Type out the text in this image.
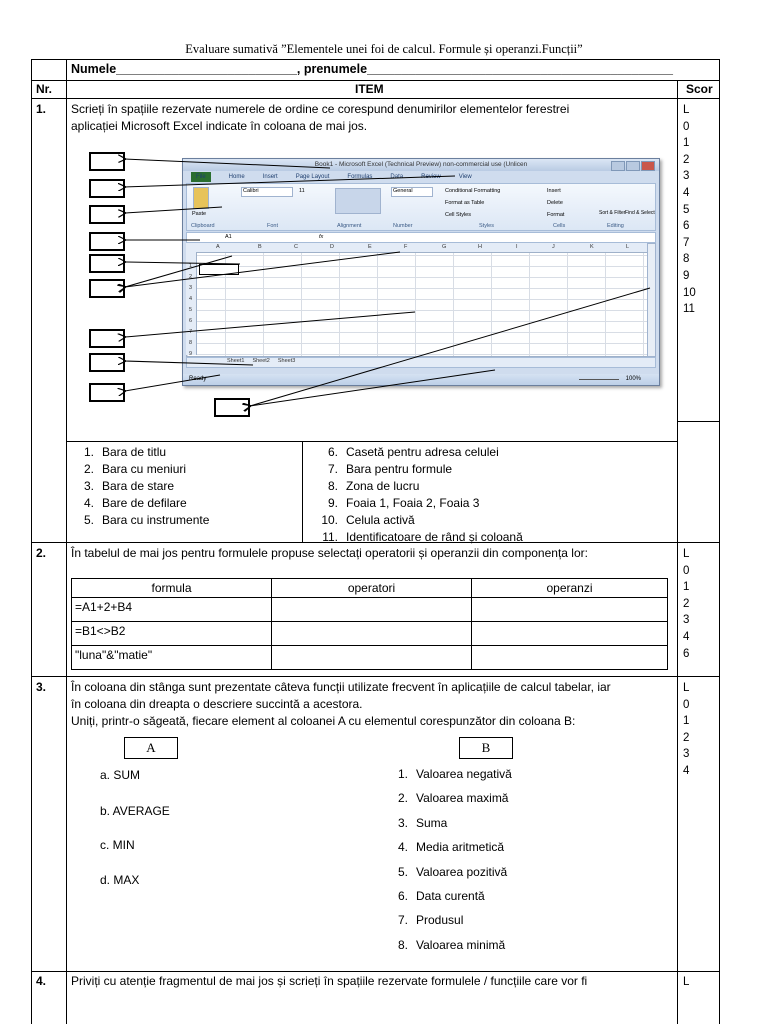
Evaluare sumativă ”Elementele unei foi de calcul. Formule și operanzi.Funcții”
Numele__________________________, prenumele____________________________________________
Nr.	ITEM	Scor
1. Scrieți în spațiile rezervate numerele de ordine ce corespund denumirilor elementelor ferestrei
aplicației Microsoft Excel indicate în coloana de mai jos.
L
0
1
2
3
4
5
6
7
8
9
10
11
Book1 - Microsoft Excel (Technical Preview) non-commercial use (Unlicen
File	Home	Insert	Page Layout	Formulas	Data	Review	View
Paste
Calibri	11	General	Conditional Formatting
Format as Table
Cell Styles
Insert
Delete
Format	Sort & Filter Find & Select
Clipboard	Font	Alignment	Number	Styles	Cells	Editing
A1	fx
A	B	C	D	E	F	G	H	I	J	K	L
1
2
3
4
5
6
7
8
9
Sheet1 Sheet2 Sheet3
Ready	100%
1. Bara de titlu
2. Bara cu meniuri
3. Bara de stare
4. Bare de defilare
5. Bara cu instrumente
6. Casetă pentru adresa celulei
7. Bara pentru formule
8. Zona de lucru
9. Foaia 1, Foaia 2, Foaia 3
10. Celula activă
11. Identificatoare de rând și coloană
2. În tabelul de mai jos pentru formulele propuse selectați operatorii și operanzii din componența lor:	L
0
1
2
3
4
6
formula	operatori	operanzi
=A1+2+B4		
=B1<>B2		
"luna"&"matie"		
3. În coloana din stânga sunt prezentate câteva funcții utilizate frecvent în aplicațiile de calcul tabelar, iar
în coloana din dreapta o descriere succintă a acestora.
Uniți, printr-o săgeată, fiecare element al coloanei A cu elementul corespunzător din coloana B:
L
0
1
2
3
4
A	B
a. SUM
b. AVERAGE
c. MIN
d. MAX
1. Valoarea negativă
2. Valoarea maximă
3. Suma
4. Media aritmetică
5. Valoarea pozitivă
6. Data curentă
7. Produsul
8. Valoarea minimă
4. Priviți cu atenție fragmentul de mai jos și scrieți în spațiile rezervate formulele / funcțiile care vor fi	L
